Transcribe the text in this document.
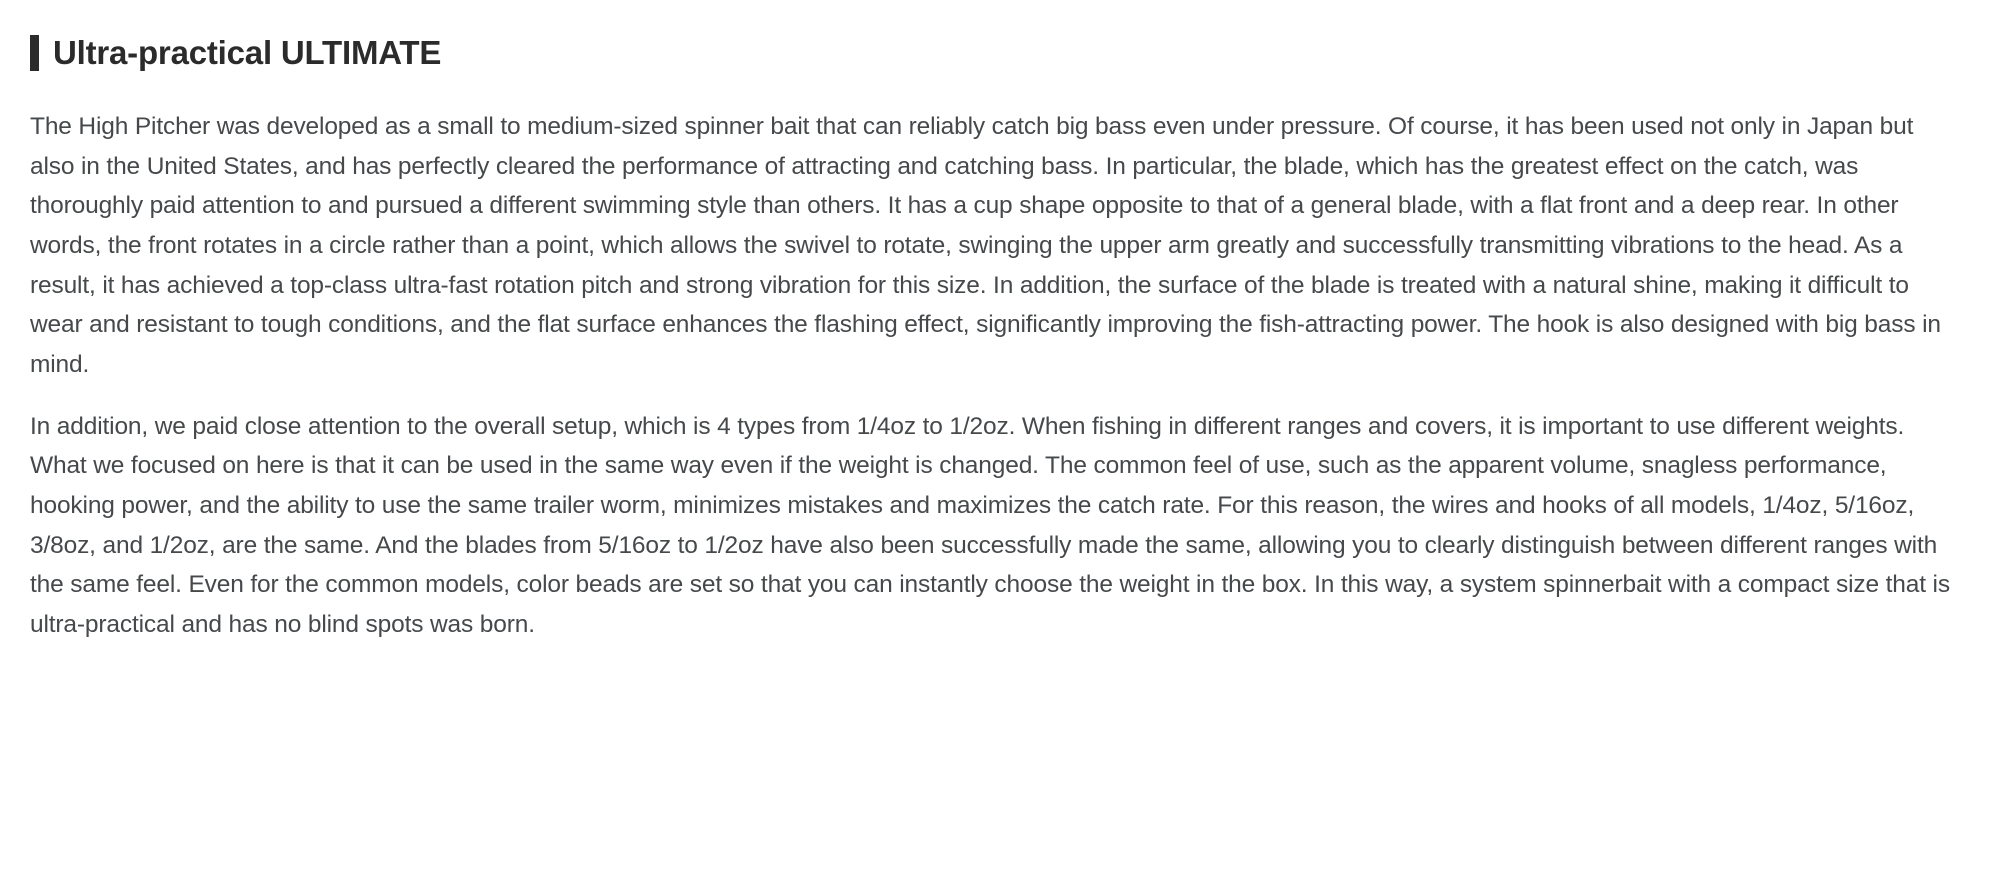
Ultra-practical ULTIMATE

The High Pitcher was developed as a small to medium-sized spinner bait that can reliably catch big bass even under pressure. Of course, it has been used not only in Japan but also in the United States, and has perfectly cleared the performance of attracting and catching bass. In particular, the blade, which has the greatest effect on the catch, was thoroughly paid attention to and pursued a different swimming style than others. It has a cup shape opposite to that of a general blade, with a flat front and a deep rear. In other words, the front rotates in a circle rather than a point, which allows the swivel to rotate, swinging the upper arm greatly and successfully transmitting vibrations to the head. As a result, it has achieved a top-class ultra-fast rotation pitch and strong vibration for this size. In addition, the surface of the blade is treated with a natural shine, making it difficult to wear and resistant to tough conditions, and the flat surface enhances the flashing effect, significantly improving the fish-attracting power. The hook is also designed with big bass in mind.

In addition, we paid close attention to the overall setup, which is 4 types from 1/4oz to 1/2oz. When fishing in different ranges and covers, it is important to use different weights. What we focused on here is that it can be used in the same way even if the weight is changed. The common feel of use, such as the apparent volume, snagless performance, hooking power, and the ability to use the same trailer worm, minimizes mistakes and maximizes the catch rate. For this reason, the wires and hooks of all models, 1/4oz, 5/16oz, 3/8oz, and 1/2oz, are the same. And the blades from 5/16oz to 1/2oz have also been successfully made the same, allowing you to clearly distinguish between different ranges with the same feel. Even for the common models, color beads are set so that you can instantly choose the weight in the box. In this way, a system spinnerbait with a compact size that is ultra-practical and has no blind spots was born.
